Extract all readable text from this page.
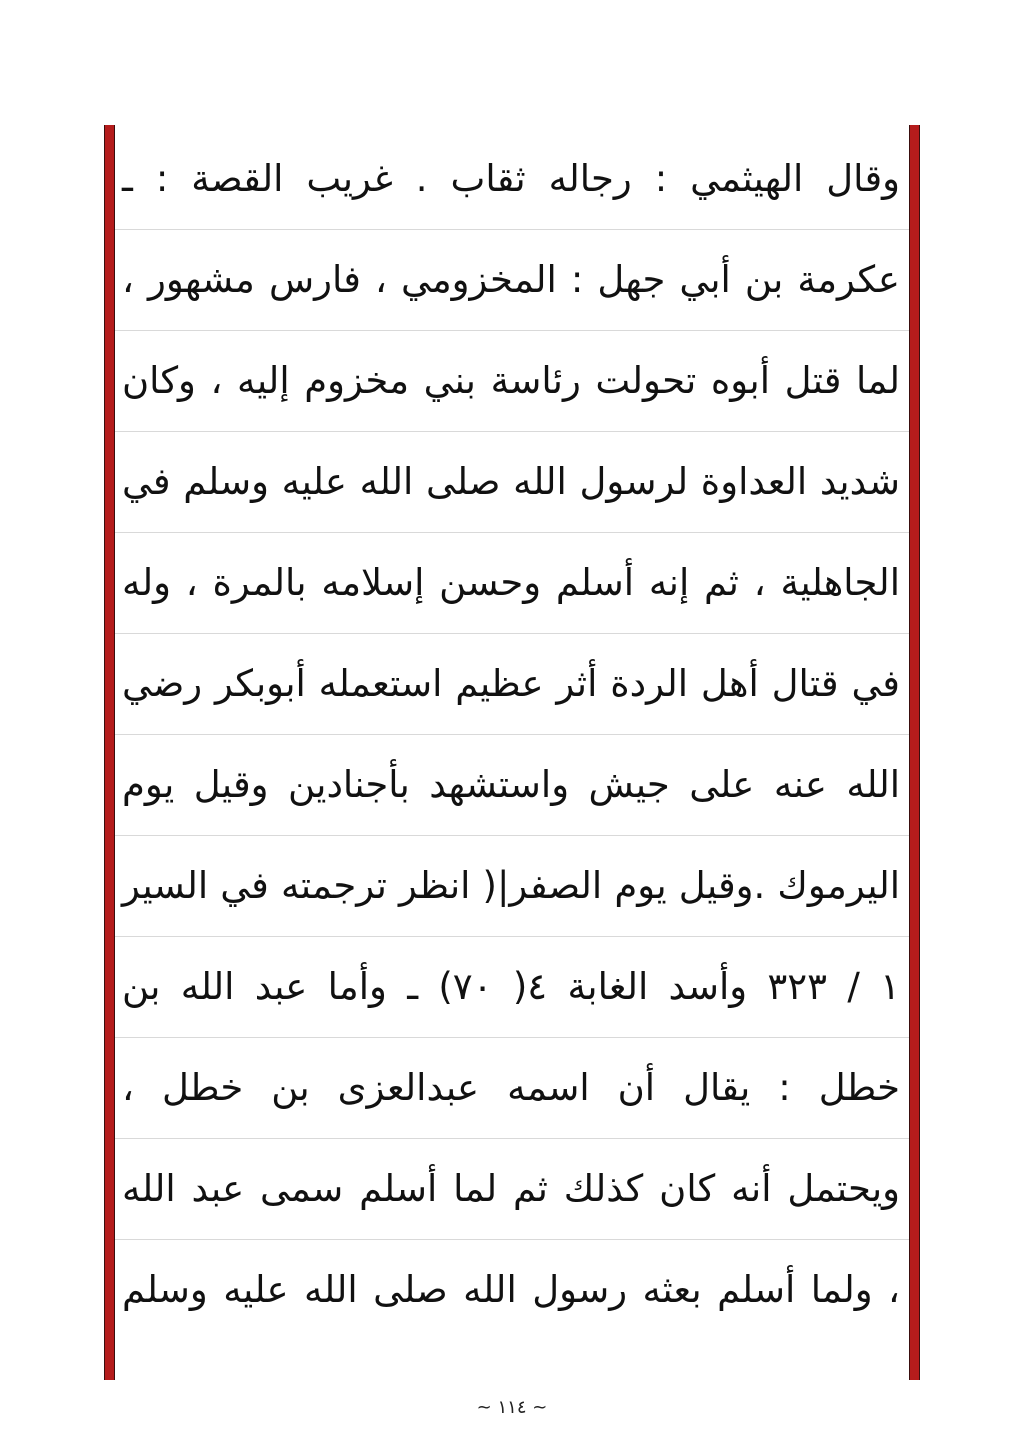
وقال الهيثمي : رجاله ثقاب . غريب القصة : ـ
عكرمة بن أبي جهل : المخزومي ، فارس مشهور ،
لما قتل أبوه تحولت رئاسة بني مخزوم إليه ، وكان
شديد العداوة لرسول الله صلى الله عليه وسلم في
الجاهلية ، ثم إنه أسلم وحسن إسلامه بالمرة ، وله
في قتال أهل الردة أثر عظيم استعمله أبوبكر رضي
الله عنه على جيش واستشهد بأجنادين وقيل يوم
اليرموك .وقيل يوم الصفر|( انظر ترجمته في السير
١ / ٣٢٣ وأسد الغابة ٤( ٧٠) ـ وأما عبد الله بن
خطل : يقال أن اسمه عبدالعزى بن خطل ،
ويحتمل أنه كان كذلك ثم لما أسلم سمى عبد الله
، ولما أسلم بعثه رسول الله صلى الله عليه وسلم
~ ١١٤ ~
